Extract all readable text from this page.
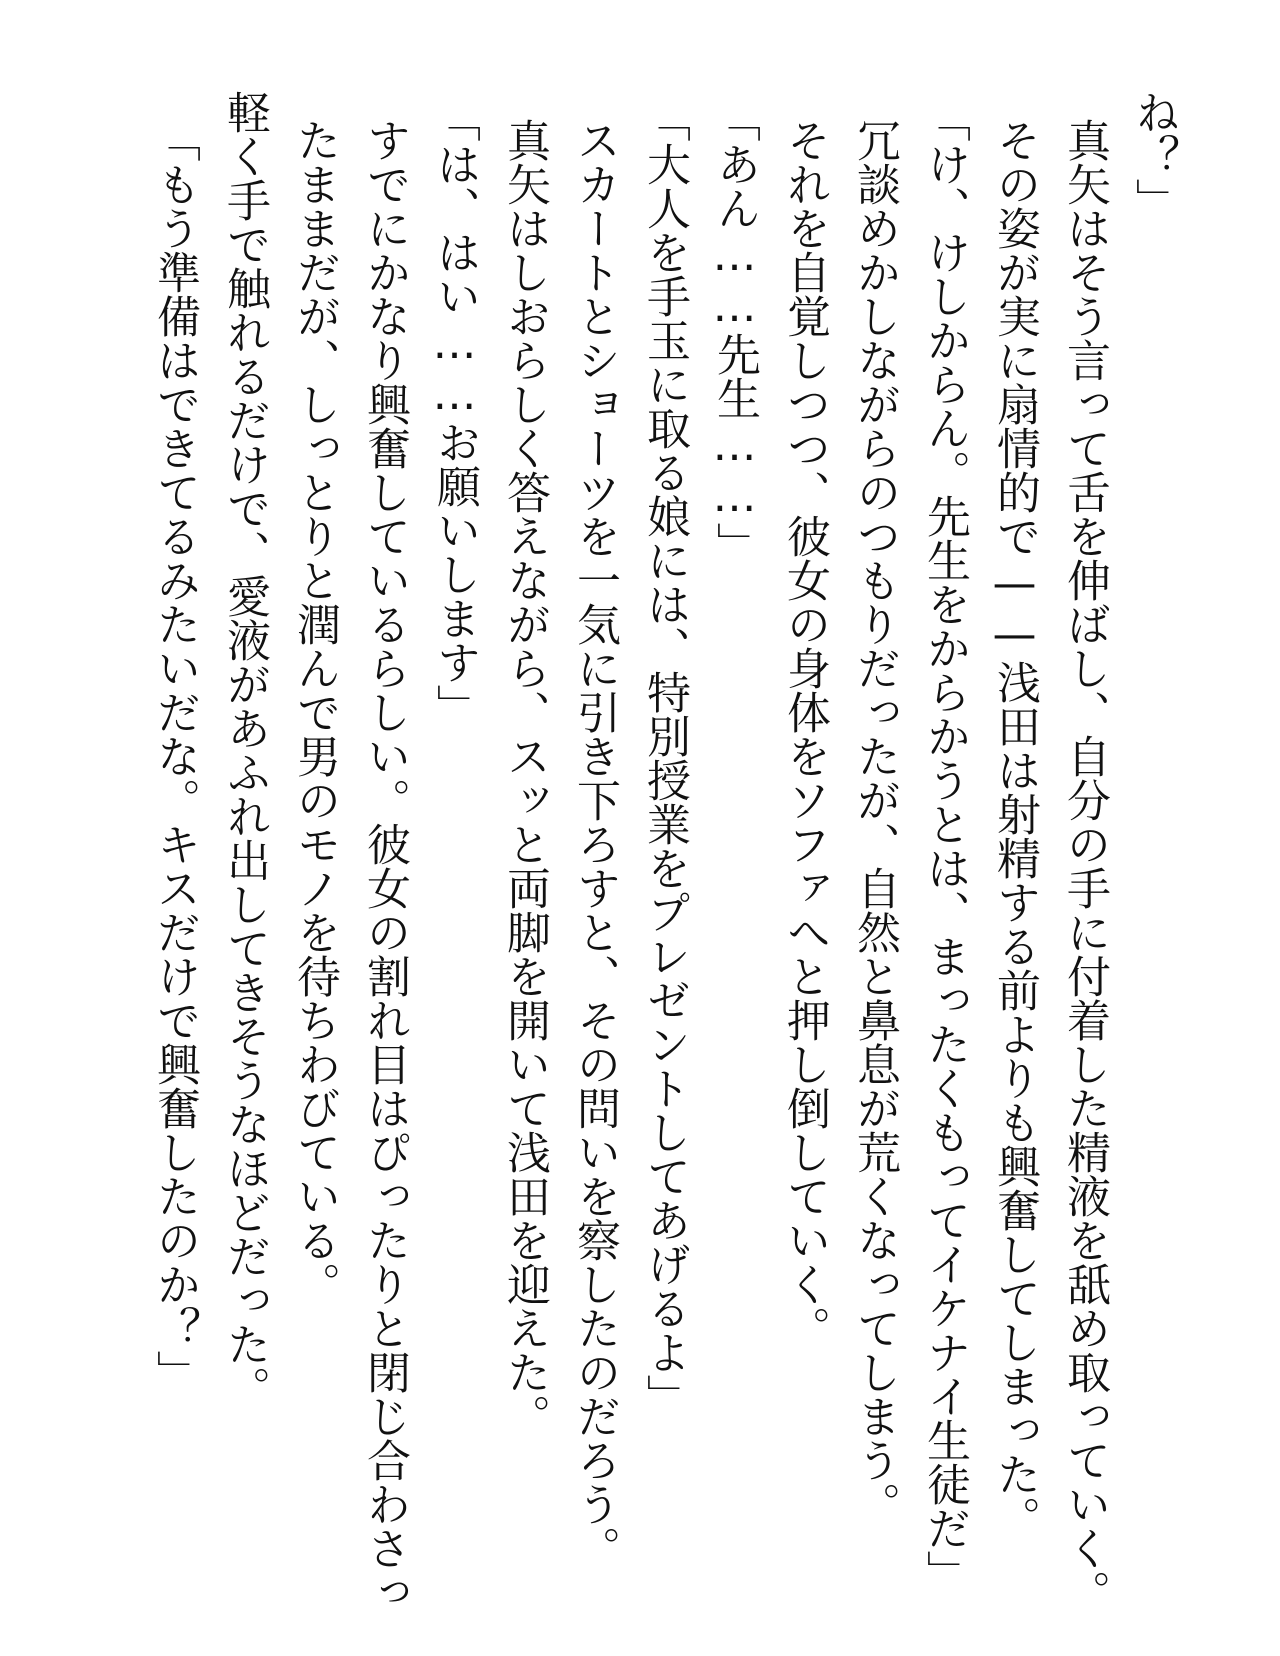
ね？」
真矢はそう言って舌を伸ばし、自分の手に付着した精液を舐め取っていく。
その姿が実に扇情的で——浅田は射精する前よりも興奮してしまった。
「け、けしからん。先生をからかうとは、まったくもってイケナイ生徒だ」
冗談めかしながらのつもりだったが、自然と鼻息が荒くなってしまう。
それを自覚しつつ、彼女の身体をソファへと押し倒していく。
「あん……先生……」
「大人を手玉に取る娘には、特別授業をプレゼントしてあげるよ」
スカートとショーツを一気に引き下ろすと、その問いを察したのだろう。
真矢はしおらしく答えながら、スッと両脚を開いて浅田を迎えた。
「は、はい……お願いします」
すでにかなり興奮しているらしい。彼女の割れ目はぴったりと閉じ合わさっ
たままだが、しっとりと潤んで男のモノを待ちわびている。
軽く手で触れるだけで、愛液があふれ出してきそうなほどだった。
「もう準備はできてるみたいだな。キスだけで興奮したのか？」
